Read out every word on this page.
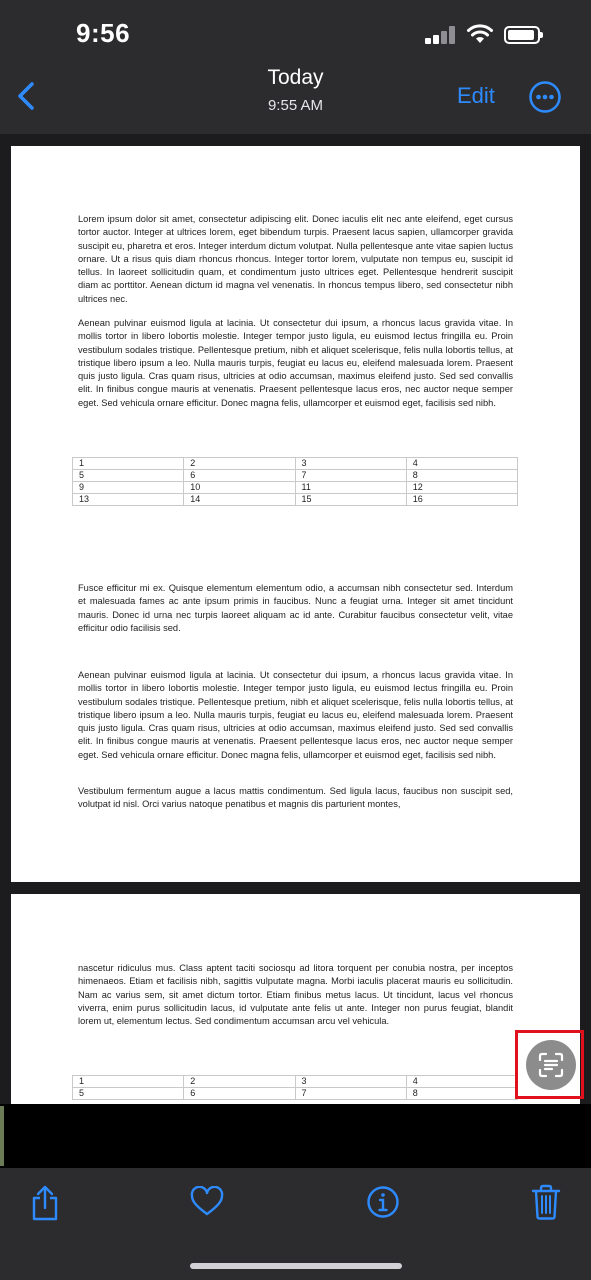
9:56
Today
9:55 AM	Edit

Lorem ipsum dolor sit amet, consectetur adipiscing elit. Donec iaculis elit nec ante eleifend, eget cursus tortor auctor. Integer at ultrices lorem, eget bibendum turpis. Praesent lacus sapien, ullamcorper gravida suscipit eu, pharetra et eros. Integer interdum dictum volutpat. Nulla pellentesque ante vitae sapien luctus ornare. Ut a risus quis diam rhoncus rhoncus. Integer tortor lorem, vulputate non tempus eu, suscipit id tellus. In laoreet sollicitudin quam, et condimentum justo ultrices eget. Pellentesque hendrerit suscipit diam ac porttitor. Aenean dictum id magna vel venenatis. In rhoncus tempus libero, sed consectetur nibh ultrices nec.

Aenean pulvinar euismod ligula at lacinia. Ut consectetur dui ipsum, a rhoncus lacus gravida vitae. In mollis tortor in libero lobortis molestie. Integer tempor justo ligula, eu euismod lectus fringilla eu. Proin vestibulum sodales tristique. Pellentesque pretium, nibh et aliquet scelerisque, felis nulla lobortis tellus, at tristique libero ipsum a leo. Nulla mauris turpis, feugiat eu lacus eu, eleifend malesuada lorem. Praesent quis justo ligula. Cras quam risus, ultricies at odio accumsan, maximus eleifend justo. Sed sed convallis elit. In finibus congue mauris at venenatis. Praesent pellentesque lacus eros, nec auctor neque semper eget. Sed vehicula ornare efficitur. Donec magna felis, ullamcorper et euismod eget, facilisis sed nibh.

1	2	3	4
5	6	7	8
9	10	11	12
13	14	15	16

Fusce efficitur mi ex. Quisque elementum elementum odio, a accumsan nibh consectetur sed. Interdum et malesuada fames ac ante ipsum primis in faucibus. Nunc a feugiat urna. Integer sit amet tincidunt mauris. Donec id urna nec turpis laoreet aliquam ac id ante. Curabitur faucibus consectetur velit, vitae efficitur odio facilisis sed.

Aenean pulvinar euismod ligula at lacinia. Ut consectetur dui ipsum, a rhoncus lacus gravida vitae. In mollis tortor in libero lobortis molestie. Integer tempor justo ligula, eu euismod lectus fringilla eu. Proin vestibulum sodales tristique. Pellentesque pretium, nibh et aliquet scelerisque, felis nulla lobortis tellus, at tristique libero ipsum a leo. Nulla mauris turpis, feugiat eu lacus eu, eleifend malesuada lorem. Praesent quis justo ligula. Cras quam risus, ultricies at odio accumsan, maximus eleifend justo. Sed sed convallis elit. In finibus congue mauris at venenatis. Praesent pellentesque lacus eros, nec auctor neque semper eget. Sed vehicula ornare efficitur. Donec magna felis, ullamcorper et euismod eget, facilisis sed nibh.

Vestibulum fermentum augue a lacus mattis condimentum. Sed ligula lacus, faucibus non suscipit sed, volutpat id nisl. Orci varius natoque penatibus et magnis dis parturient montes,

nascetur ridiculus mus. Class aptent taciti sociosqu ad litora torquent per conubia nostra, per inceptos himenaeos. Etiam et facilisis nibh, sagittis vulputate magna. Morbi iaculis placerat mauris eu sollicitudin. Nam ac varius sem, sit amet dictum tortor. Etiam finibus metus lacus. Ut tincidunt, lacus vel rhoncus viverra, enim purus sollicitudin lacus, id vulputate ante felis ut ante. Integer non purus feugiat, blandit lorem ut, elementum lectus. Sed condimentum accumsan arcu vel vehicula.

1	2	3	4
5	6	7	8
